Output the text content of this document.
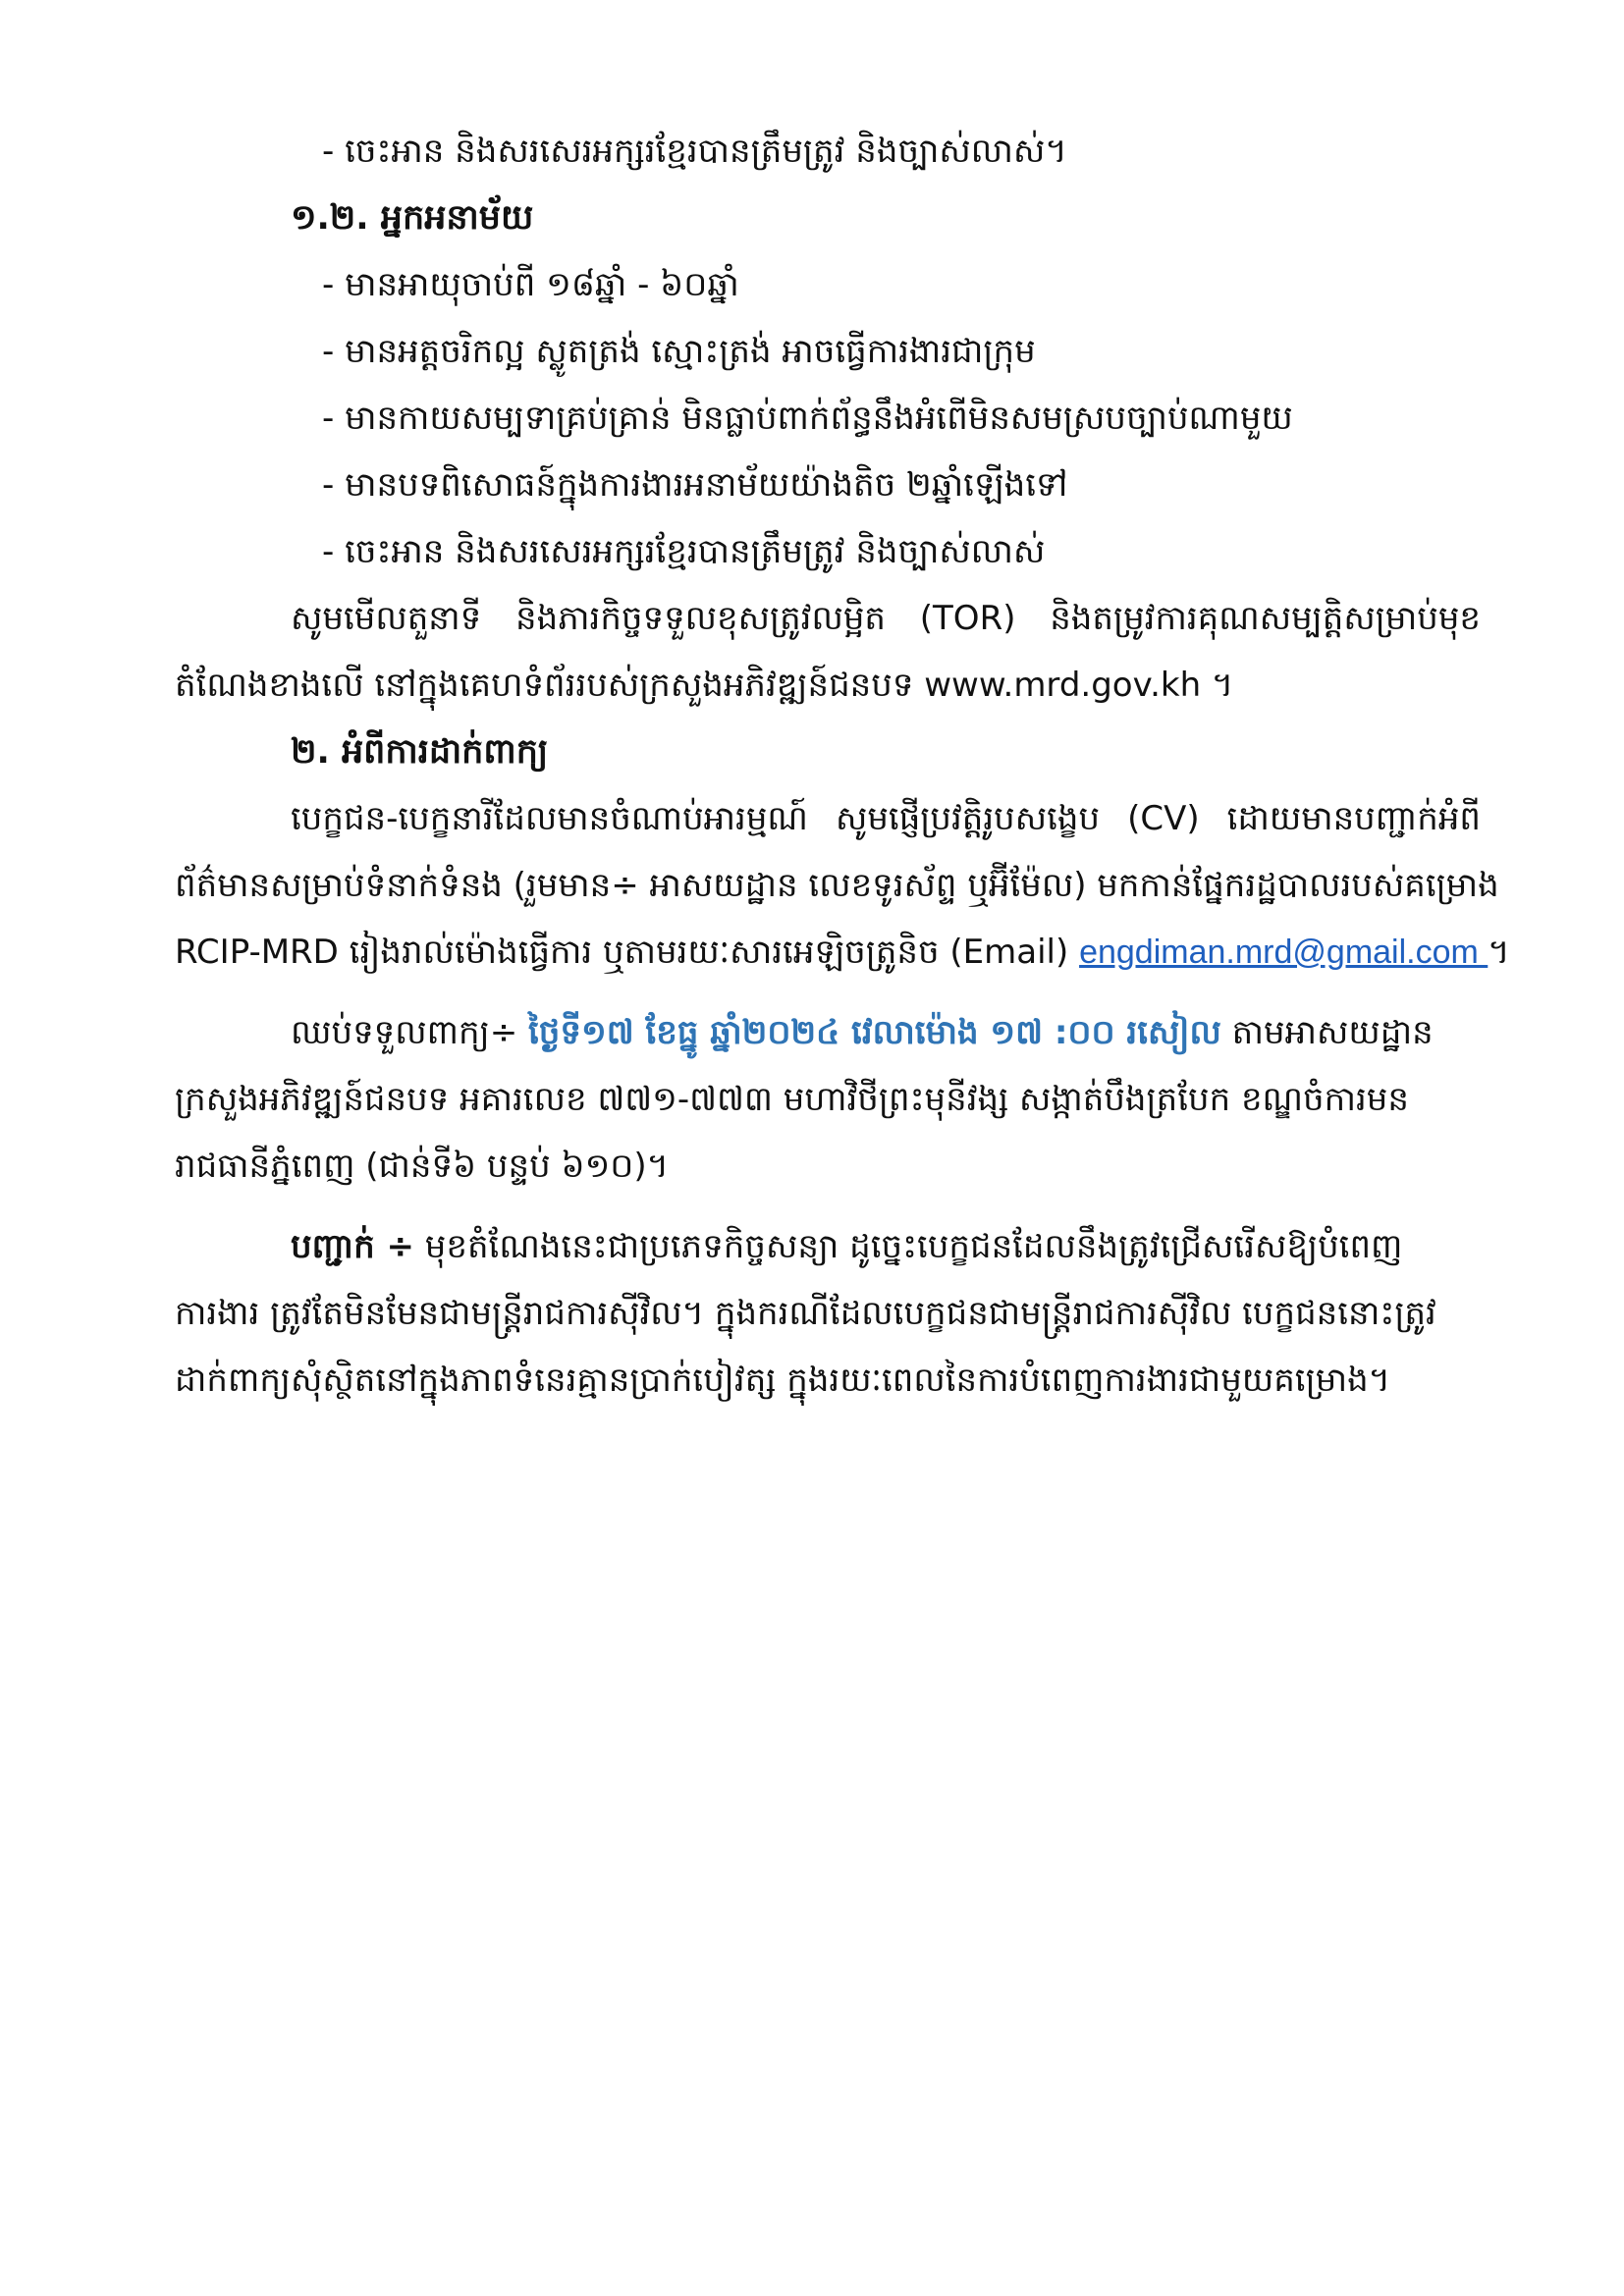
- ចេះអាន និងសរសេរអក្សរខ្មែរបានត្រឹមត្រូវ និងច្បាស់លាស់។
១.២. អ្នកអនាម័យ
- មានអាយុចាប់ពី ១៨ឆ្នាំ - ៦០ឆ្នាំ
- មានអត្តចរិកល្អ ស្លូតត្រង់ ស្មោះត្រង់ អាចធ្វើការងារជាក្រុម
- មានកាយសម្បទាគ្រប់គ្រាន់ មិនធ្លាប់ពាក់ព័ន្ធនឹងអំពើមិនសមស្របច្បាប់ណាមួយ
- មានបទពិសោធន៍ក្នុងការងារអនាម័យយ៉ាងតិច ២ឆ្នាំឡើងទៅ
- ចេះអាន និងសរសេរអក្សរខ្មែរបានត្រឹមត្រូវ និងច្បាស់លាស់
សូមមើលតួនាទី និងភារកិច្ចទទួលខុសត្រូវលម្អិត (TOR) និងតម្រូវការគុណសម្បត្តិសម្រាប់មុខ
តំណែងខាងលើ នៅក្នុងគេហទំព័ររបស់ក្រសួងអភិវឌ្ឍន៍ជនបទ www.mrd.gov.kh ។
២. អំពីការដាក់ពាក្យ
បេក្ខជន-បេក្ខនារីដែលមានចំណាប់អារម្មណ៍ សូមផ្ញើប្រវត្តិរូបសង្ខេប (CV) ដោយមានបញ្ជាក់អំពី
ព័ត៌មានសម្រាប់ទំនាក់ទំនង (រួមមាន÷ អាសយដ្ឋាន លេខទូរស័ព្ទ ឬអ៊ីម៉ែល) មកកាន់ផ្នែករដ្ឋបាលរបស់គម្រោង
RCIP-MRD រៀងរាល់ម៉ោងធ្វើការ ឬតាមរយៈសារអេឡិចត្រូនិច (Email) engdiman.mrd@gmail.com ។
ឈប់ទទួលពាក្យ÷ ថ្ងៃទី១៧ ខែធ្នូ ឆ្នាំ២០២៤ វេលាម៉ោង ១៧ :០០ រសៀល តាមអាសយដ្ឋាន
ក្រសួងអភិវឌ្ឍន៍ជនបទ អគារលេខ ៧៧១-៧៧៣ មហាវិថីព្រះមុនីវង្ស សង្កាត់បឹងត្របែក ខណ្ឌចំការមន
រាជធានីភ្នំពេញ (ជាន់ទី៦ បន្ទប់ ៦១០)។
បញ្ជាក់ ÷ មុខតំណែងនេះជាប្រភេទកិច្ចសន្យា ដូច្នេះបេក្ខជនដែលនឹងត្រូវជ្រើសរើសឱ្យបំពេញ
ការងារ ត្រូវតែមិនមែនជាមន្ត្រីរាជការស៊ីវិល។ ក្នុងករណីដែលបេក្ខជនជាមន្ត្រីរាជការស៊ីវិល បេក្ខជននោះត្រូវ
ដាក់ពាក្យសុំស្ថិតនៅក្នុងភាពទំនេរគ្មានប្រាក់បៀវត្ស ក្នុងរយៈពេលនៃការបំពេញការងារជាមួយគម្រោង។
